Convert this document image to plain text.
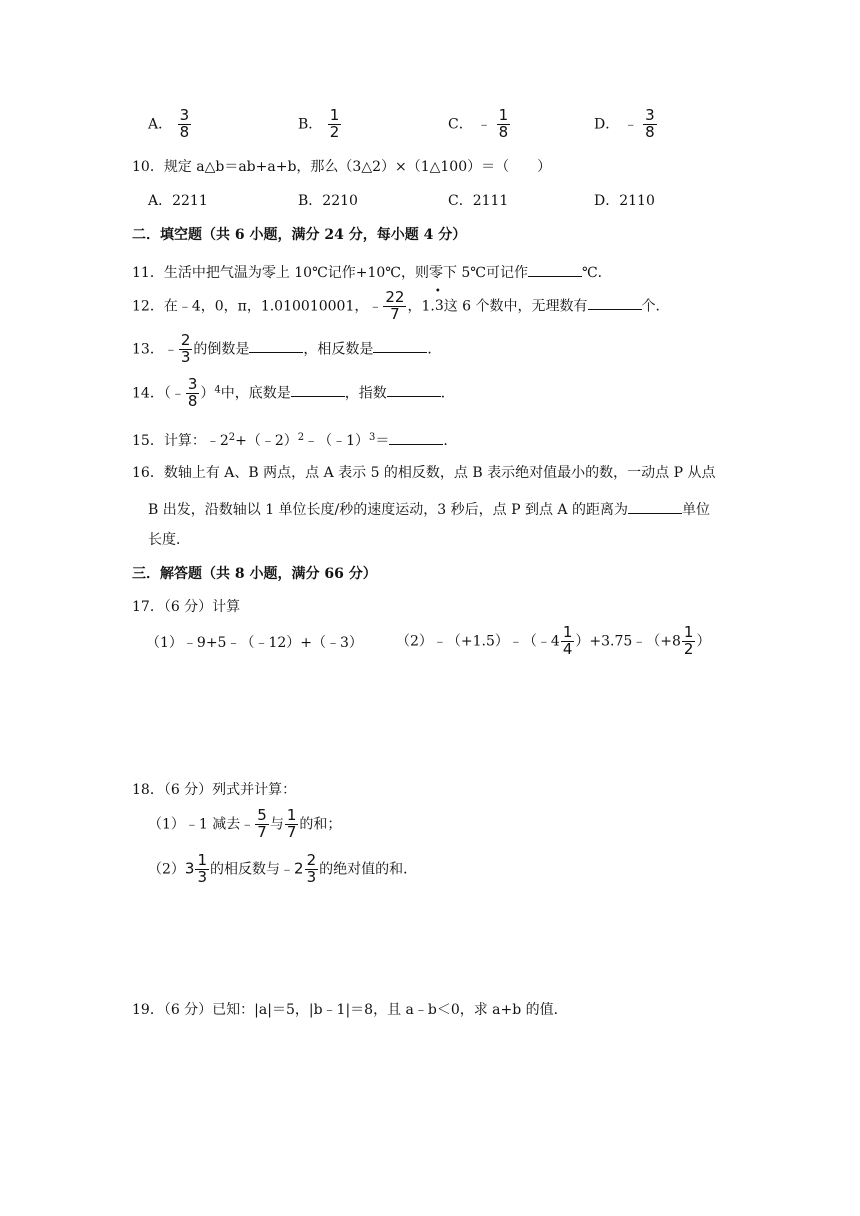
A． $\frac{3}{8}$	B． $\frac{1}{2}$	C． ﹣ $\frac{1}{8}$	D． ﹣ $\frac{3}{8}$
10．规定 a△b＝ab+a+b，那么（3△2）×（1△100）＝（　　）
A．2211	B．2210	C．2111	D．2110
二．填空题（共 6 小题，满分 24 分，每小题 4 分）
11．生活中把气温为零上 10℃记作+10℃，则零下 5℃可记作	℃．
12．在﹣4，0，π，1.010010001，﹣ $\frac{22}{7}$ ，1.• 3这 6 个数中，无理数有	个．
13．﹣ $\frac{2}{3}$ 的倒数是	，相反数是	．
14．（﹣ $\frac{3}{8} )^4$中，底数是	，指数	．
15．计算：$﹣2^2+(﹣2)^2﹣(﹣1)^3=$	．
16．数轴上有 A、B 两点，点 A 表示 5 的相反数，点 B 表示绝对值最小的数，一动点 P 从点
B 出发，沿数轴以 1 单位长度/秒的速度运动，3 秒后，点 P 到点 A 的距离为	单位
长度．
三．解答题（共 8 小题，满分 66 分）
17．（6 分）计算
（1）﹣9+5﹣（﹣12）+（﹣3） （2）﹣（+1.5）﹣（﹣4 $\frac{1}{4}$ ）+3.75﹣（+8 $\frac{1}{2}$ ）
18．（6 分）列式并计算：
（1）﹣1 减去﹣ $\frac{5}{7}$ 与 $\frac{1}{7}$ 的和；
$(2)3 \frac{1}{3}$ 的相反数与﹣2 $\frac{2}{3}$ 的绝对值的和．
19．（6 分）已知：|a|＝5，|b﹣1|＝8，且 a﹣b＜0，求 a+b 的值．
